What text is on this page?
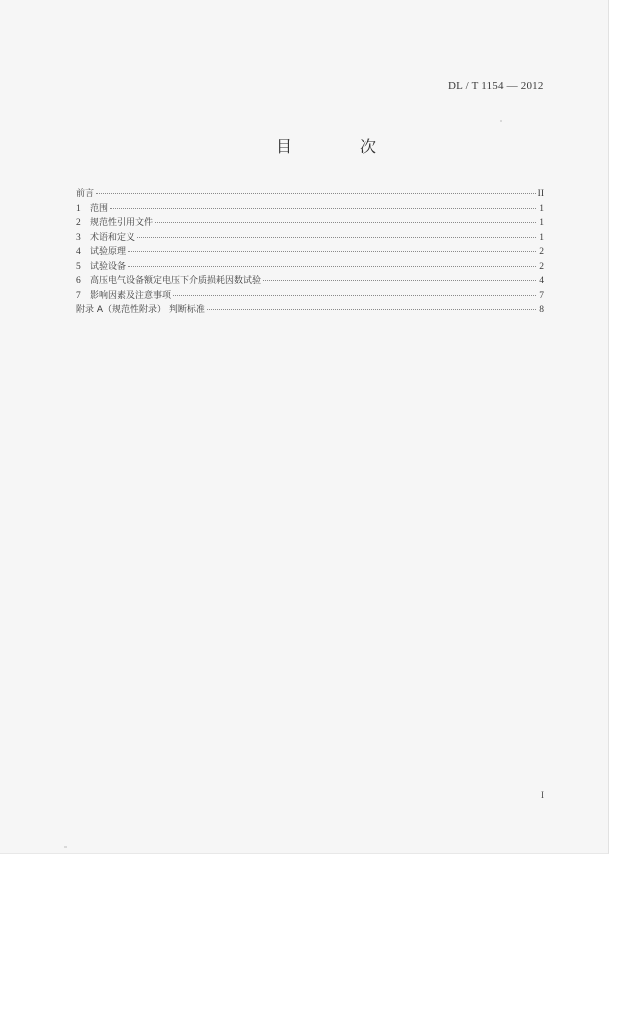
DL / T 1154 — 2012
目　次
前言	II
1	范围	1
2	规范性引用文件	1
3	术语和定义	1
4	试验原理	2
5	试验设备	2
6	高压电气设备额定电压下介质损耗因数试验	4
7	影响因素及注意事项	7
附录 A（规范性附录） 判断标准	8
I
